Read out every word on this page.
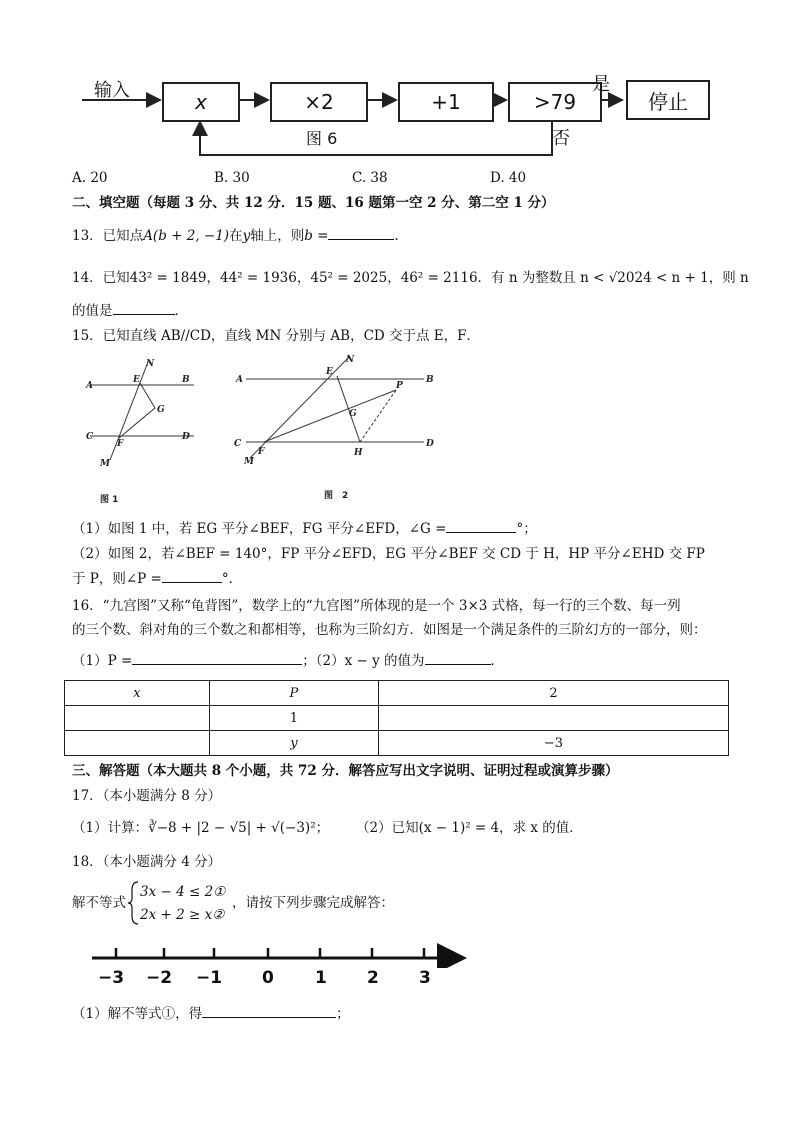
输入	x	×2	+1	>79	停止
是
否
图 6
A. 20	B. 30	C. 38	D. 40
二、填空题（每题 3 分、共 12 分．15 题、16 题第一空 2 分、第二空 1 分）
13．已知点A(b + 2, −1)在y轴上，则b =	．
14．已知43² = 1849，44² = 1936，45² = 2025，46² = 2116．有 n 为整数且 n < √2024 < n + 1，则 n
的值是	．
15．已知直线 AB//CD，直线 MN 分别与 AB，CD 交于点 E，F．
A
B
C	D
N
E
G
F
M
图 1
A	B
C	D
N
E
P
G
H
F
M
图　2
（1）如图 1 中，若 EG 平分∠BEF，FG 平分∠EFD，∠G =	°；
（2）如图 2，若∠BEF = 140°，FP 平分∠EFD，EG 平分∠BEF 交 CD 于 H，HP 平分∠EHD 交 FP
于 P，则∠P =	°．
16．“九宫图”又称“龟背图”，数学上的“九宫图”所体现的是一个 3×3 式格，每一行的三个数、每一列
的三个数、斜对角的三个数之和都相等，也称为三阶幻方．如图是一个满足条件的三阶幻方的一部分，则：
（1）P =	；（2）x − y 的值为	．
x	P	2
	1	
	y	−3
三、解答题（本大题共 8 个小题，共 72 分．解答应写出文字说明、证明过程或演算步骤）
17．（本小题满分 8 分）
（1）计算：∛−8 + |2 − √5| + √(−3)²； （2）已知(x − 1)² = 4，求 x 的值．
18．（本小题满分 4 分）
解不等式
3x − 4 ≤ 2①
2x + 2 ≥ x②
，请按下列步骤完成解答：
−3 −2 −1 0 1 2 3
（1）解不等式①，得	；
